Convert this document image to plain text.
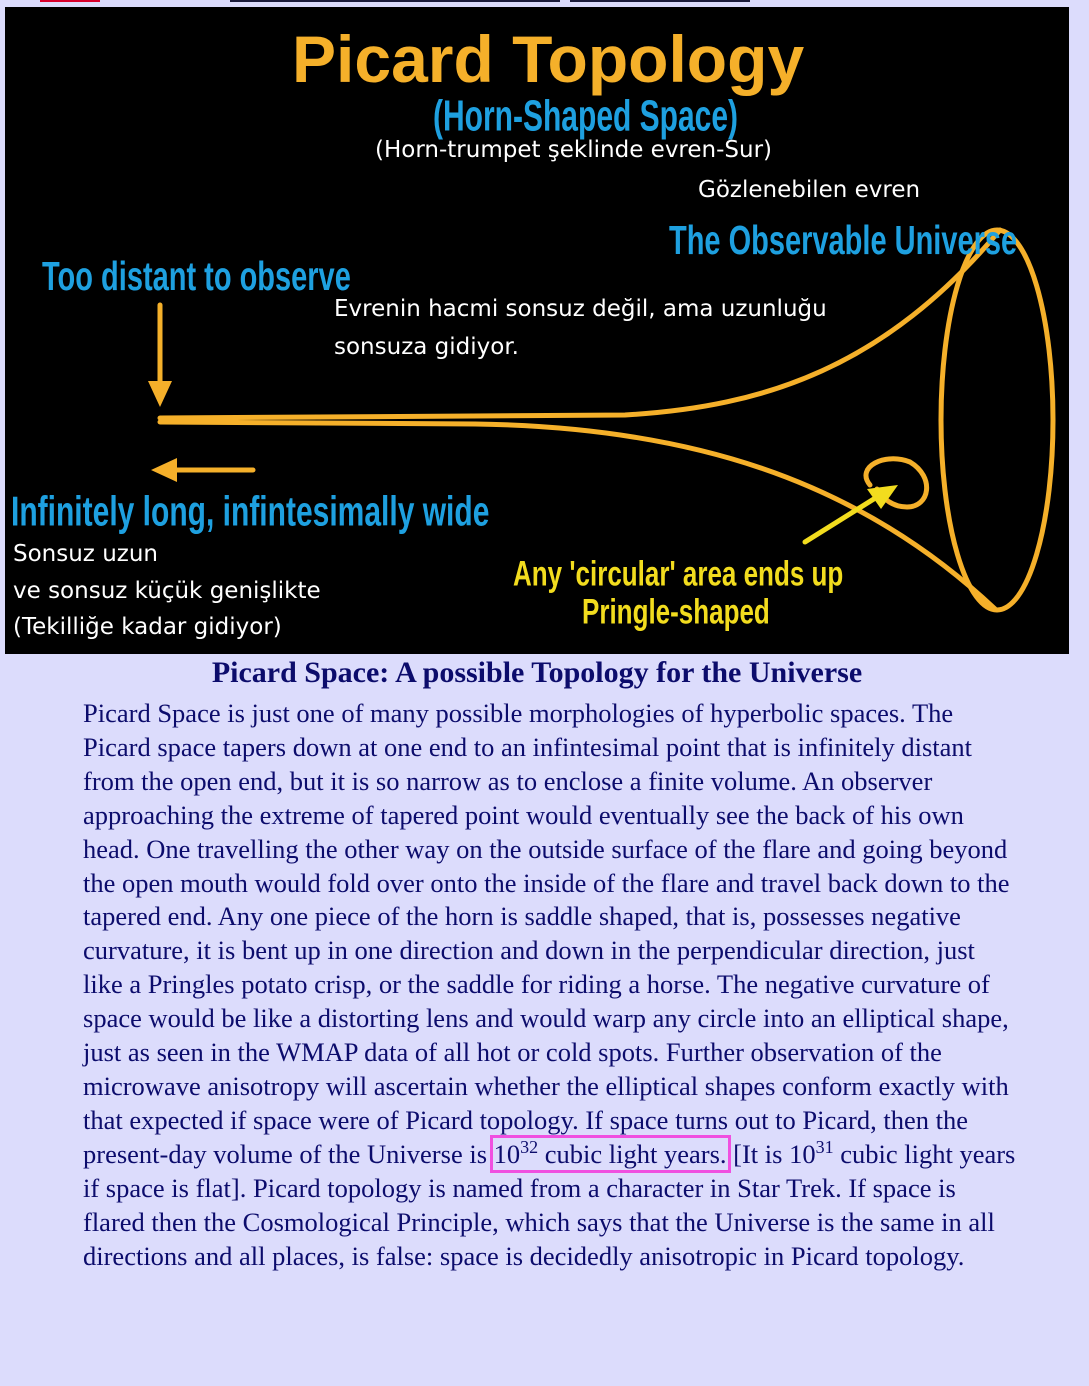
Picard Topology
(Horn-Shaped Space)
(Horn-trumpet şeklinde evren-Sur)
Gözlenebilen evren
The Observable Universe
Too distant to observe
Evrenin hacmi sonsuz değil, ama uzunluğu
sonsuza gidiyor.
Infinitely long, infintesimally wide
Sonsuz uzun
ve sonsuz küçük genişlikte
(Tekilliğe kadar gidiyor)
Any 'circular' area ends up
Pringle-shaped
Picard Space: A possible Topology for the Universe

Picard Space is just one of many possible morphologies of hyperbolic spaces. The Picard space tapers down at one end to an infintesimal point that is infinitely distant from the open end, but it is so narrow as to enclose a finite volume. An observer approaching the extreme of tapered point would eventually see the back of his own head. One travelling the other way on the outside surface of the flare and going beyond the open mouth would fold over onto the inside of the flare and travel back down to the tapered end. Any one piece of the horn is saddle shaped, that is, possesses negative curvature, it is bent up in one direction and down in the perpendicular direction, just like a Pringles potato crisp, or the saddle for riding a horse. The negative curvature of space would be like a distorting lens and would warp any circle into an elliptical shape, just as seen in the WMAP data of all hot or cold spots. Further observation of the microwave anisotropy will ascertain whether the elliptical shapes conform exactly with that expected if space were of Picard topology. If space turns out to Picard, then the present-day volume of the Universe is $10^{32}$ cubic light years. [It is $10^{31}$ cubic light years if space is flat]. Picard topology is named from a character in Star Trek. If space is flared then the Cosmological Principle, which says that the Universe is the same in all directions and all places, is false: space is decidedly anisotropic in Picard topology.
